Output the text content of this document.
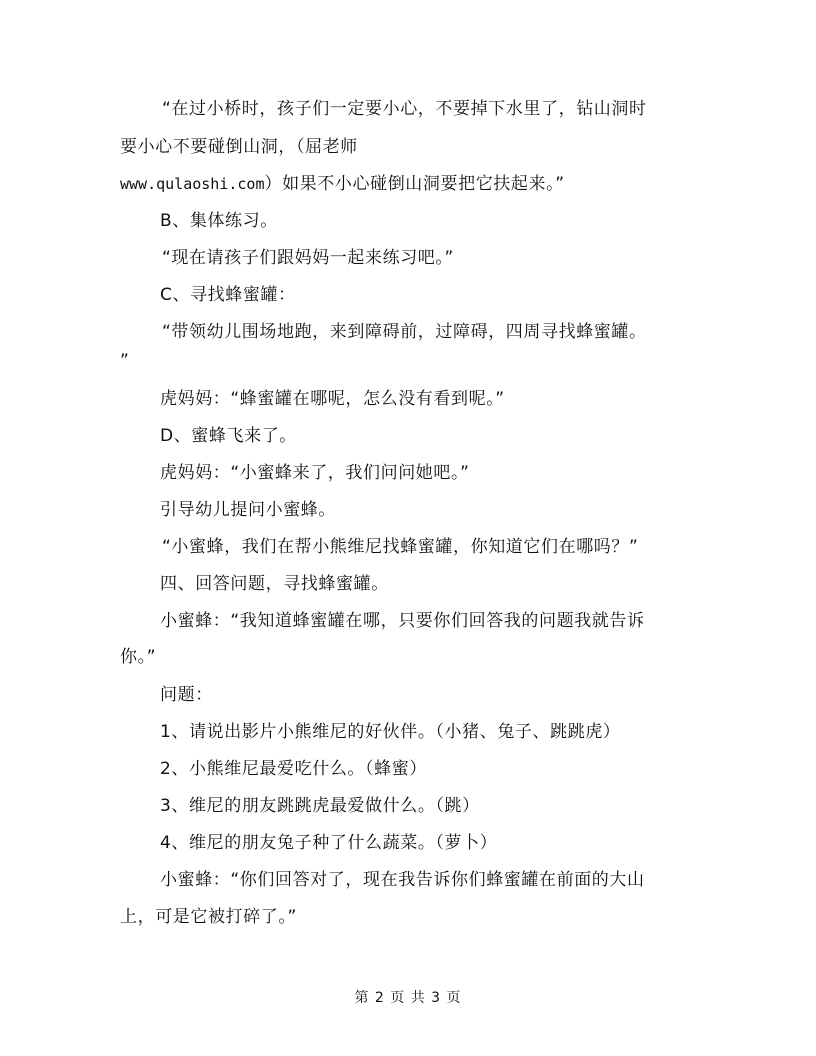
“在过小桥时，孩子们一定要小心，不要掉下水里了，钻山洞时
要小心不要碰倒山洞，（屈老师
www.qulaoshi.com）如果不小心碰倒山洞要把它扶起来。”
B、集体练习。
“现在请孩子们跟妈妈一起来练习吧。”
C、寻找蜂蜜罐：
“带领幼儿围场地跑，来到障碍前，过障碍，四周寻找蜂蜜罐。
”
虎妈妈：“蜂蜜罐在哪呢，怎么没有看到呢。”
D、蜜蜂飞来了。
虎妈妈：“小蜜蜂来了，我们问问她吧。”
引导幼儿提问小蜜蜂。
“小蜜蜂，我们在帮小熊维尼找蜂蜜罐，你知道它们在哪吗？”
四、回答问题，寻找蜂蜜罐。
小蜜蜂：“我知道蜂蜜罐在哪，只要你们回答我的问题我就告诉
你。”
问题：
1、请说出影片小熊维尼的好伙伴。（小猪、兔子、跳跳虎）
2、小熊维尼最爱吃什么。（蜂蜜）
3、维尼的朋友跳跳虎最爱做什么。（跳）
4、维尼的朋友兔子种了什么蔬菜。（萝卜）
小蜜蜂：“你们回答对了，现在我告诉你们蜂蜜罐在前面的大山
上，可是它被打碎了。”
第 2 页 共 3 页
